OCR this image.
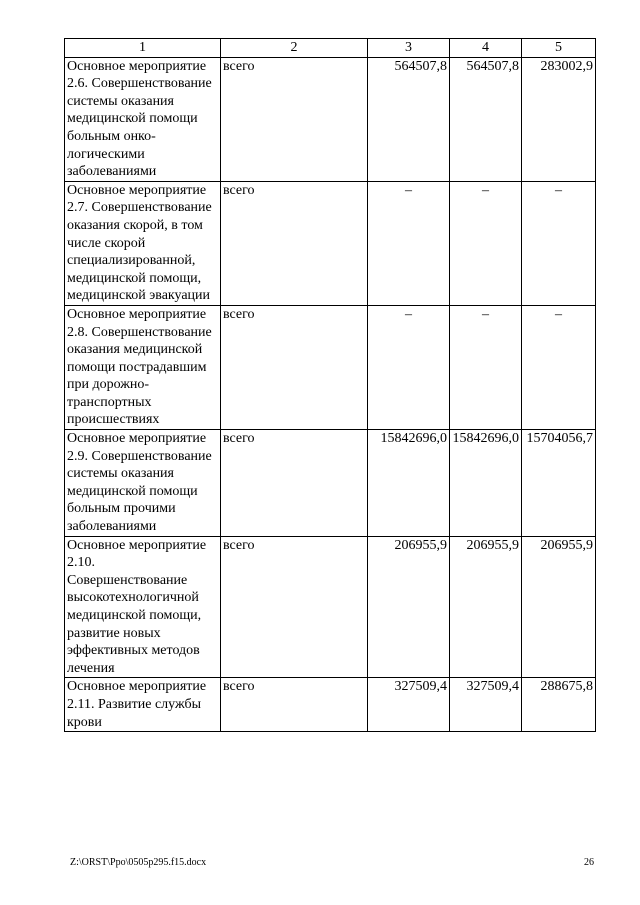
1	2	3	4	5
Основное мероприятие 2.6. Совершенствование системы оказания медицинской помощи больным онко-логическими заболеваниями	всего	564507,8	564507,8	283002,9
Основное мероприятие 2.7. Совершенствование оказания скорой, в том числе скорой специализированной, медицинской помощи, медицинской эвакуации	всего	–	–	–
Основное мероприятие 2.8. Совершенствование оказания медицинской помощи пострадавшим при дорожно-транспортных происшествиях	всего	–	–	–
Основное мероприятие 2.9. Совершенствование системы оказания медицинской помощи больным прочими заболеваниями	всего	15842696,0	15842696,0	15704056,7
Основное мероприятие 2.10. Совершенствование высокотехнологичной медицинской помощи, развитие новых эффективных методов лечения	всего	206955,9	206955,9	206955,9
Основное мероприятие 2.11. Развитие службы крови	всего	327509,4	327509,4	288675,8
Z:\ORST\Ppo\0505p295.f15.docx	26
